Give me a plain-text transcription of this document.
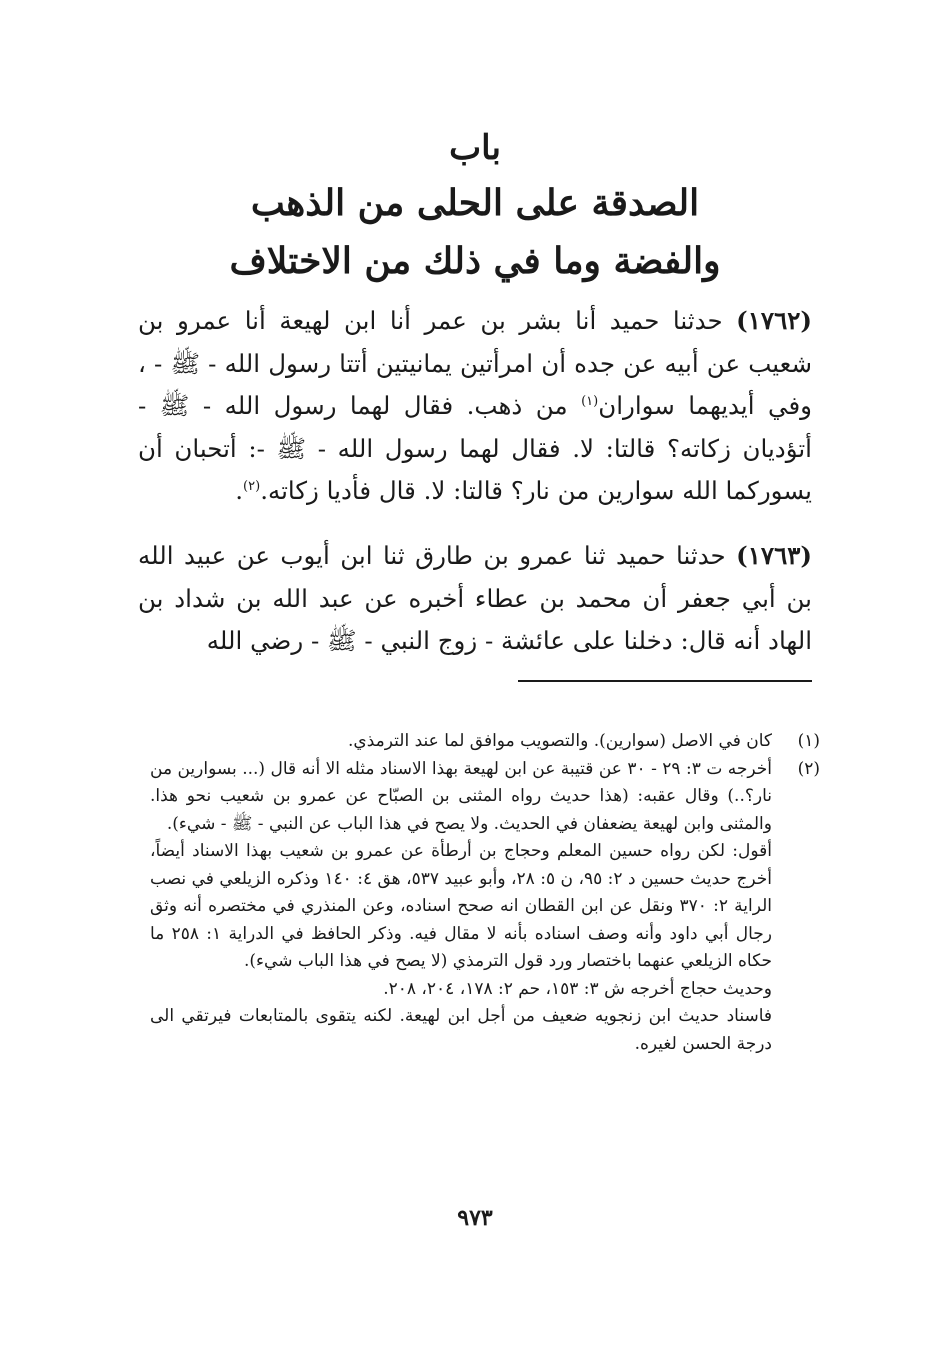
باب
الصدقة على الحلى من الذهب
والفضة وما في ذلك من الاختلاف
(١٧٦٢) حدثنا حميد أنا بشر بن عمر أنا ابن لهيعة أنا عمرو بن شعيب عن أبيه عن جده أن امرأتين يمانيتين أتتا رسول الله - ﷺ - ، وفي أيديهما سواران$^{(١)}$ من ذهب. فقال لهما رسول الله - ﷺ - أتؤديان زكاته؟ قالتا: لا. فقال لهما رسول الله - ﷺ -: أتحبان أن يسوركما الله سوارين من نار؟ قالتا: لا. قال فأديا زكاته.$^{(٢)}$.
(١٧٦٣) حدثنا حميد ثنا عمرو بن طارق ثنا ابن أيوب عن عبيد الله بن أبي جعفر أن محمد بن عطاء أخبره عن عبد الله بن شداد بن الهاد أنه قال: دخلنا على عائشة - زوج النبي - ﷺ - رضي الله
(١)

كان في الاصل (سوارين). والتصويب موافق لما عند الترمذي.

(٢)

أخرجه ت ٣: ٢٩ - ٣٠ عن قتيبة عن ابن لهيعة بهذا الاسناد مثله الا أنه قال (... بسوارين من نار؟..) وقال عقبه: (هذا حديث رواه المثنى بن الصبّاح عن عمرو بن شعيب نحو هذا. والمثنى وابن لهيعة يضعفان في الحديث. ولا يصح في هذا الباب عن النبي - ﷺ - شيء).

أقول: لكن رواه حسين المعلم وحجاج بن أرطأة عن عمرو بن شعيب بهذا الاسناد أيضاً، أخرج حديث حسين د ٢: ٩٥، ن ٥: ٢٨، وأبو عبيد ٥٣٧، هق ٤: ١٤٠ وذكره الزيلعي في نصب الراية ٢: ٣٧٠ ونقل عن ابن القطان انه صحح اسناده، وعن المنذري في مختصره أنه وثق رجال أبي داود وأنه وصف اسناده بأنه لا مقال فيه. وذكر الحافظ في الدراية ١: ٢٥٨ ما حكاه الزيلعي عنهما باختصار ورد قول الترمذي (لا يصح في هذا الباب شيء).

وحديث حجاج أخرجه ش ٣: ١٥٣، حم ٢: ١٧٨، ٢٠٤، ٢٠٨.

فاسناد حديث ابن زنجويه ضعيف من أجل ابن لهيعة. لكنه يتقوى بالمتابعات فيرتقي الى درجة الحسن لغيره.

٩٧٣
